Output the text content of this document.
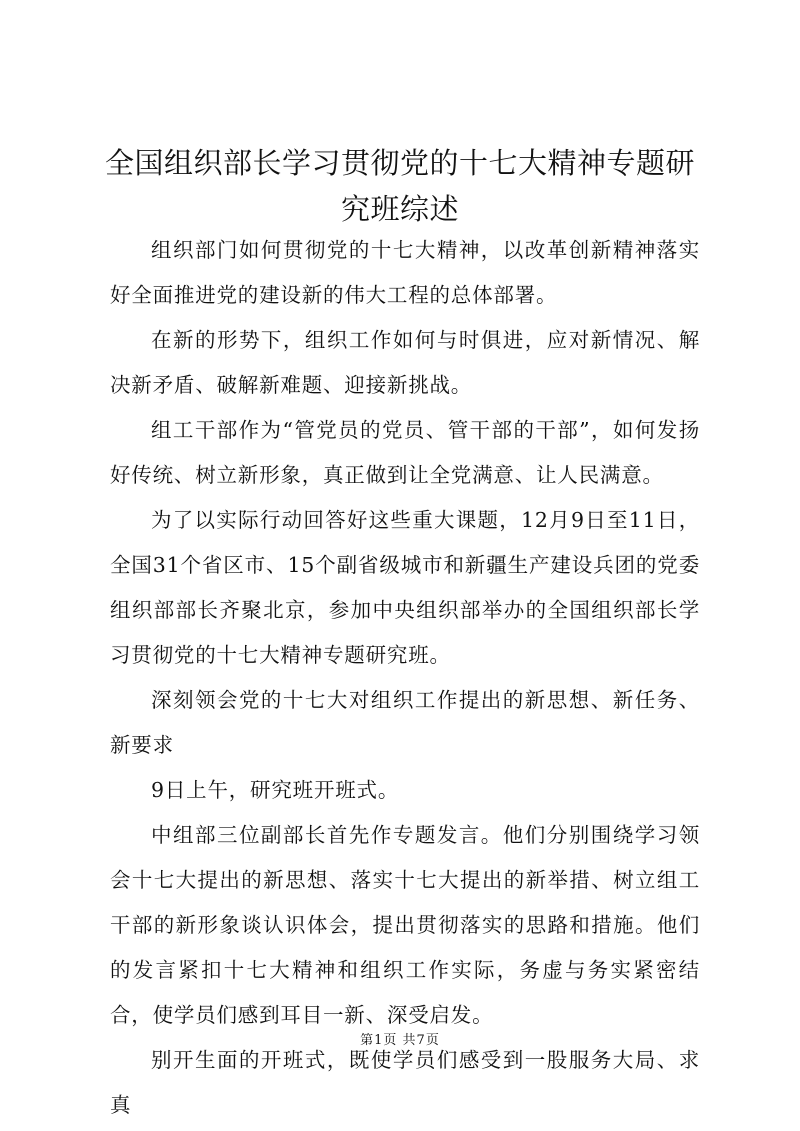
全国组织部长学习贯彻党的十七大精神专题研究班综述

组织部门如何贯彻党的十七大精神，以改革创新精神落实好全面推进党的建设新的伟大工程的总体部署。

在新的形势下，组织工作如何与时俱进，应对新情况、解决新矛盾、破解新难题、迎接新挑战。

组工干部作为“管党员的党员、管干部的干部”，如何发扬好传统、树立新形象，真正做到让全党满意、让人民满意。

为了以实际行动回答好这些重大课题，12月9日至11日，全国31个省区市、15个副省级城市和新疆生产建设兵团的党委组织部部长齐聚北京，参加中央组织部举办的全国组织部长学习贯彻党的十七大精神专题研究班。

深刻领会党的十七大对组织工作提出的新思想、新任务、新要求

9日上午，研究班开班式。

中组部三位副部长首先作专题发言。他们分别围绕学习领会十七大提出的新思想、落实十七大提出的新举措、树立组工干部的新形象谈认识体会，提出贯彻落实的思路和措施。他们的发言紧扣十七大精神和组织工作实际，务虚与务实紧密结合，使学员们感到耳目一新、深受启发。

别开生面的开班式，既使学员们感受到一股服务大局、求真

第1页 共7页
